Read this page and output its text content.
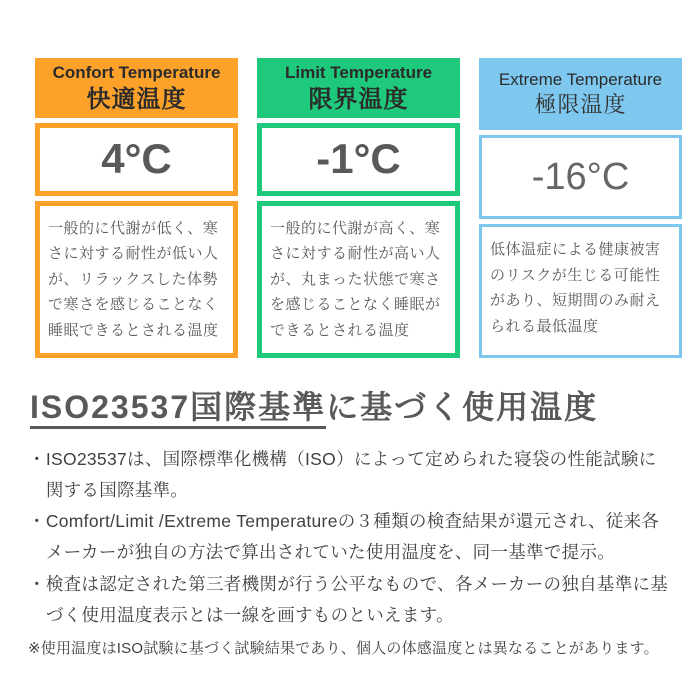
Confort Temperature
快適温度
4°C
一般的に代謝が低く、寒さに対する耐性が低い人が、リラックスした体勢で寒さを感じることなく睡眠できるとされる温度
Limit Temperature
限界温度
-1°C
一般的に代謝が高く、寒さに対する耐性が高い人が、丸まった状態で寒さを感じることなく睡眠ができるとされる温度
Extreme Temperature
極限温度
-16°C
低体温症による健康被害のリスクが生じる可能性があり、短期間のみ耐えられる最低温度
ISO23537国際基準に基づく使用温度
・ ISO23537は、国際標準化機構（ISO）によって定められた寝袋の性能試験に関する国際基準。
・ Comfort/Limit /Extreme Temperatureの３種類の検査結果が還元され、従来各メーカーが独自の方法で算出されていた使用温度を、同一基準で提示。
・ 検査は認定された第三者機関が行う公平なもので、各メーカーの独自基準に基づく使用温度表示とは一線を画すものといえます。

※使用温度はISO試験に基づく試験結果であり、個人の体感温度とは異なることがあります。
